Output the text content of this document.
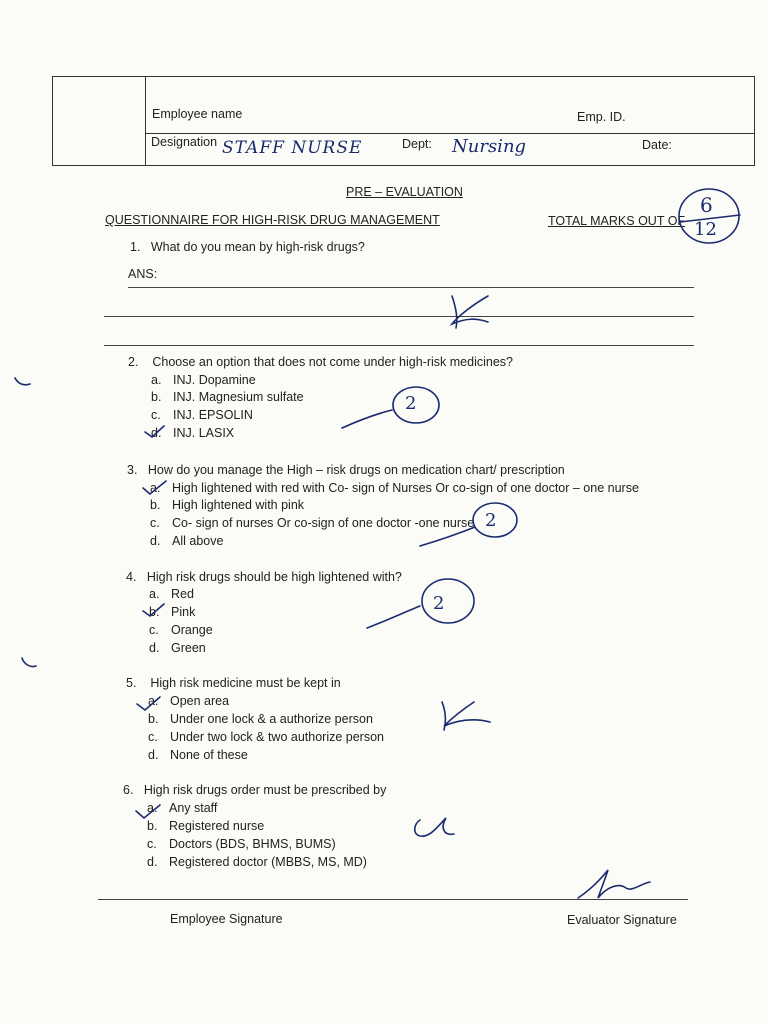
Employee name	Emp. ID.
Designation STAFF NURSE	Dept: Nursing	Date:
PRE – EVALUATION
QUESTIONNAIRE FOR HIGH-RISK DRUG MANAGEMENT	TOTAL MARKS OUT OF
6
12
1. What do you mean by high-risk drugs?
ANS:
2. Choose an option that does not come under high-risk medicines?
a. INJ. Dopamine
b. INJ. Magnesium sulfate
c. INJ. EPSOLIN
d. INJ. LASIX
2
3. How do you manage the High – risk drugs on medication chart/ prescription
a. High lightened with red with Co- sign of Nurses Or co-sign of one doctor – one nurse
b. High lightened with pink
c. Co- sign of nurses Or co-sign of one doctor -one nurse
d. All above
2
4. High risk drugs should be high lightened with?
a. Red
b. Pink
c. Orange
d. Green
2
5. High risk medicine must be kept in
a. Open area
b. Under one lock & a authorize person
c. Under two lock & two authorize person
d. None of these
6. High risk drugs order must be prescribed by
a. Any staff
b. Registered nurse
c. Doctors (BDS, BHMS, BUMS)
d. Registered doctor (MBBS, MS, MD)
Employee Signature	Evaluator Signature
